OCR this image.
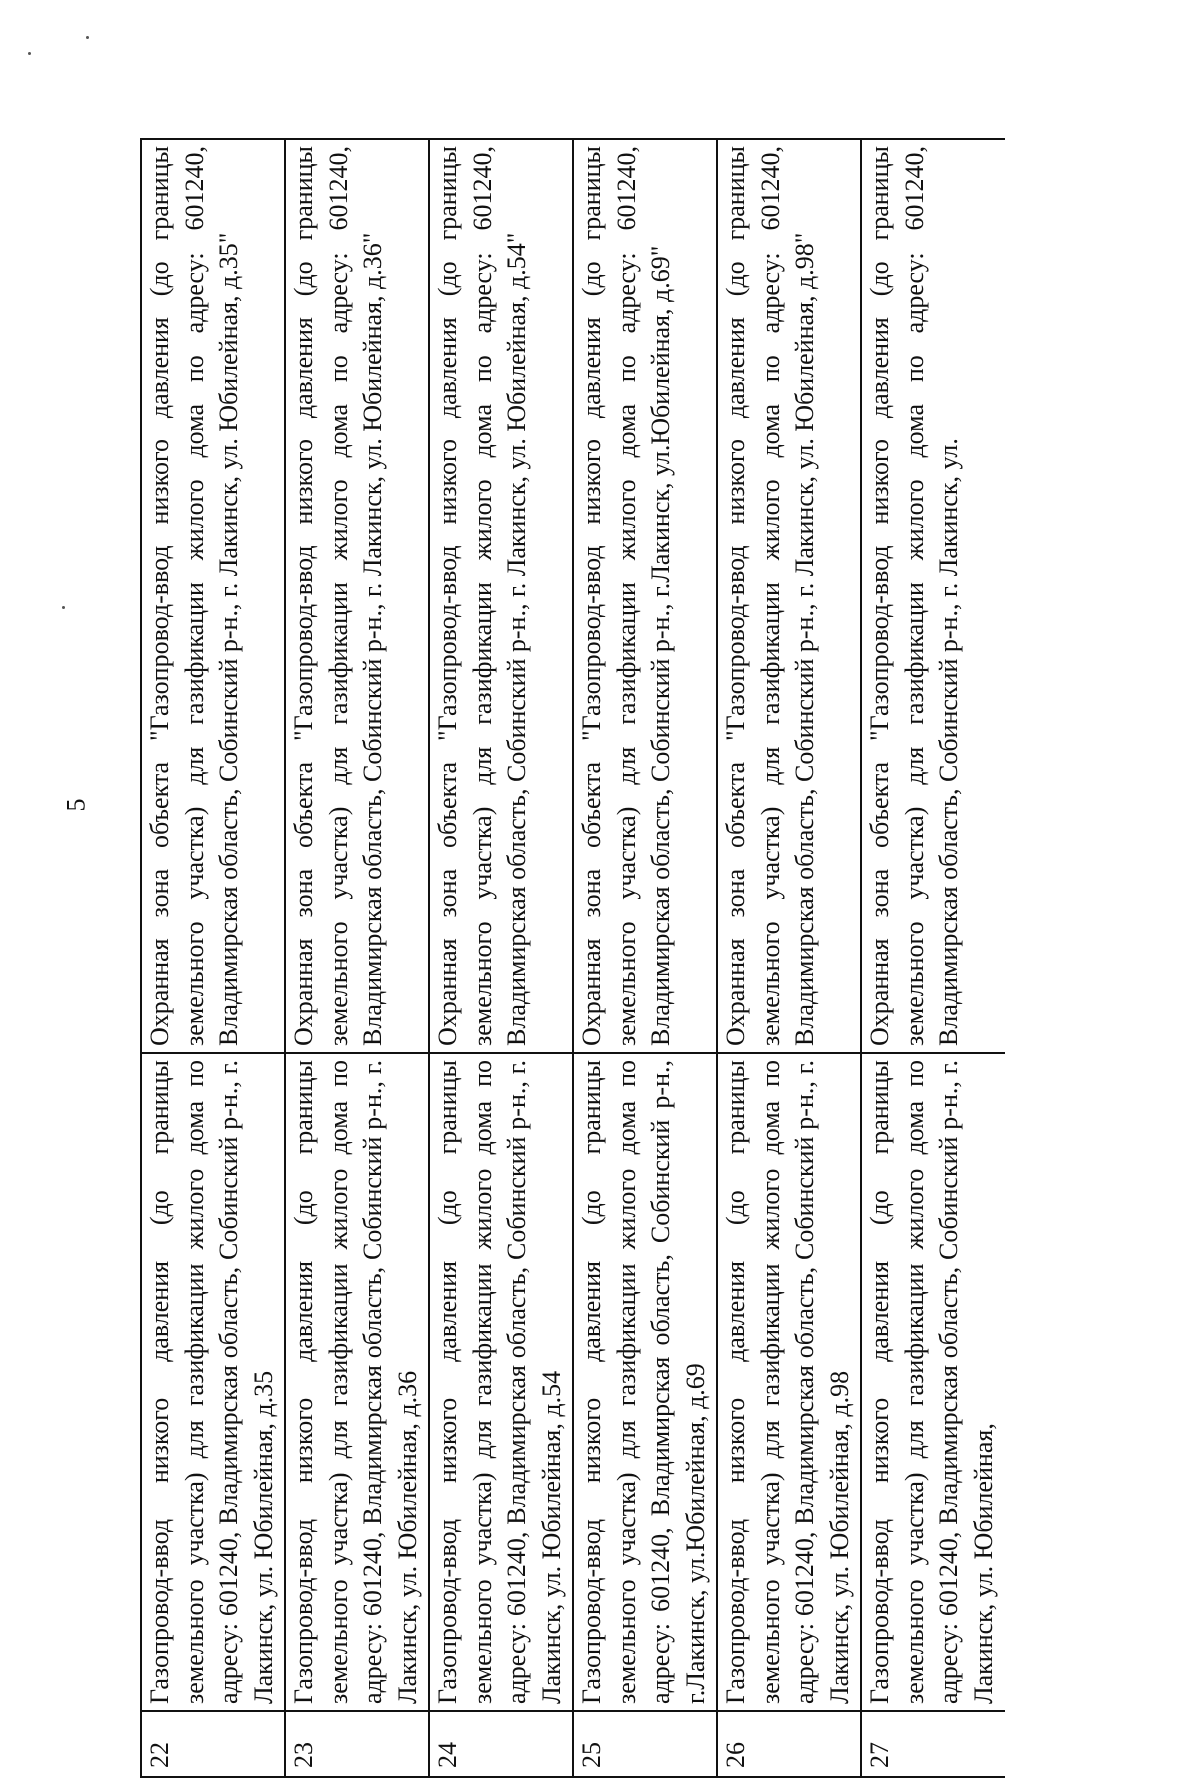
5
22	Газопровод-ввод низкого давления (до границы земельного участка) для газификации жилого дома по адресу: 601240, Владимирская область, Собинский р-н., г. Лакинск, ул. Юбилейная, д.35	Охранная зона объекта "Газопровод-ввод низкого давления (до границы земельного участка) для газификации жилого дома по адресу: 601240, Владимирская область, Собинский р-н., г. Лакинск, ул. Юбилейная, д.35"
23	Газопровод-ввод низкого давления (до границы земельного участка) для газификации жилого дома по адресу: 601240, Владимирская область, Собинский р-н., г. Лакинск, ул. Юбилейная, д.36	Охранная зона объекта "Газопровод-ввод низкого давления (до границы земельного участка) для газификации жилого дома по адресу: 601240, Владимирская область, Собинский р-н., г. Лакинск, ул. Юбилейная, д.36"
24	Газопровод-ввод низкого давления (до границы земельного участка) для газификации жилого дома по адресу: 601240, Владимирская область, Собинский р-н., г. Лакинск, ул. Юбилейная, д.54	Охранная зона объекта "Газопровод-ввод низкого давления (до границы земельного участка) для газификации жилого дома по адресу: 601240, Владимирская область, Собинский р-н., г. Лакинск, ул. Юбилейная, д.54"
25	Газопровод-ввод низкого давления (до границы земельного участка) для газификации жилого дома по адресу: 601240, Владимирская область, Собинский р-н., г.Лакинск, ул.Юбилейная, д.69	Охранная зона объекта "Газопровод-ввод низкого давления (до границы земельного участка) для газификации жилого дома по адресу: 601240, Владимирская область, Собинский р-н., г.Лакинск, ул.Юбилейная, д.69"
26	Газопровод-ввод низкого давления (до границы земельного участка) для газификации жилого дома по адресу: 601240, Владимирская область, Собинский р-н., г. Лакинск, ул. Юбилейная, д.98	Охранная зона объекта "Газопровод-ввод низкого давления (до границы земельного участка) для газификации жилого дома по адресу: 601240, Владимирская область, Собинский р-н., г. Лакинск, ул. Юбилейная, д.98"
27	Газопровод-ввод низкого давления (до границы земельного участка) для газификации жилого дома по адресу: 601240, Владимирская область, Собинский р-н., г. Лакинск, ул. Юбилейная,	Охранная зона объекта "Газопровод-ввод низкого давления (до границы земельного участка) для газификации жилого дома по адресу: 601240, Владимирская область, Собинский р-н., г. Лакинск, ул.
